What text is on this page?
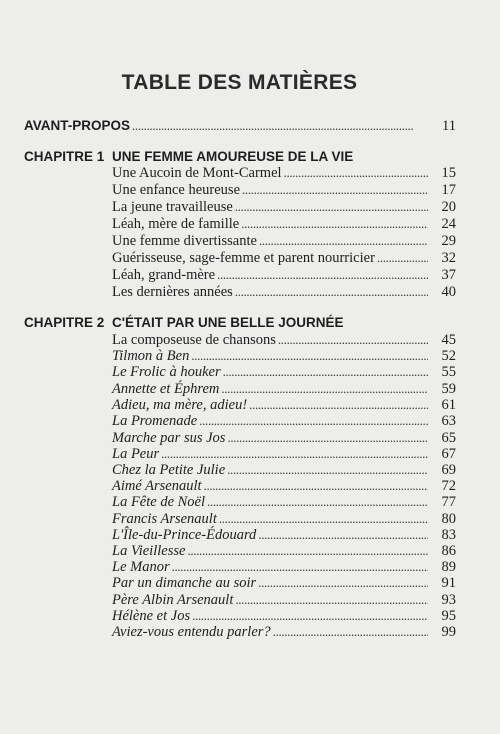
TABLE DES MATIÈRES
AVANT-PROPOS . . .	11
CHAPITRE 1 UNE FEMME AMOUREUSE DE LA VIE
Une Aucoin de Mont-Carmel . . .	15
Une enfance heureuse . . .	17
La jeune travailleuse . . .	20
Léah, mère de famille . . .	24
Une femme divertissante . . .	29
Guérisseuse, sage-femme et parent nourricier . . .	32
Léah, grand-mère . . .	37
Les dernières années . . .	40
CHAPITRE 2 C'ÉTAIT PAR UNE BELLE JOURNÉE
La composeuse de chansons . . .	45
Tilmon à Ben . . .	52
Le Frolic à houker . . .	55
Annette et Éphrem . . .	59
Adieu, ma mère, adieu! . . .	61
La Promenade . . .	63
Marche par sus Jos . . .	65
La Peur . . .	67
Chez la Petite Julie . . .	69
Aimé Arsenault . . .	72
La Fête de Noël . . .	77
Francis Arsenault . . .	80
L'Île-du-Prince-Édouard . . .	83
La Vieillesse . . .	86
Le Manor . . .	89
Par un dimanche au soir . . .	91
Père Albin Arsenault . . .	93
Hélène et Jos . . .	95
Aviez-vous entendu parler? . . .	99
